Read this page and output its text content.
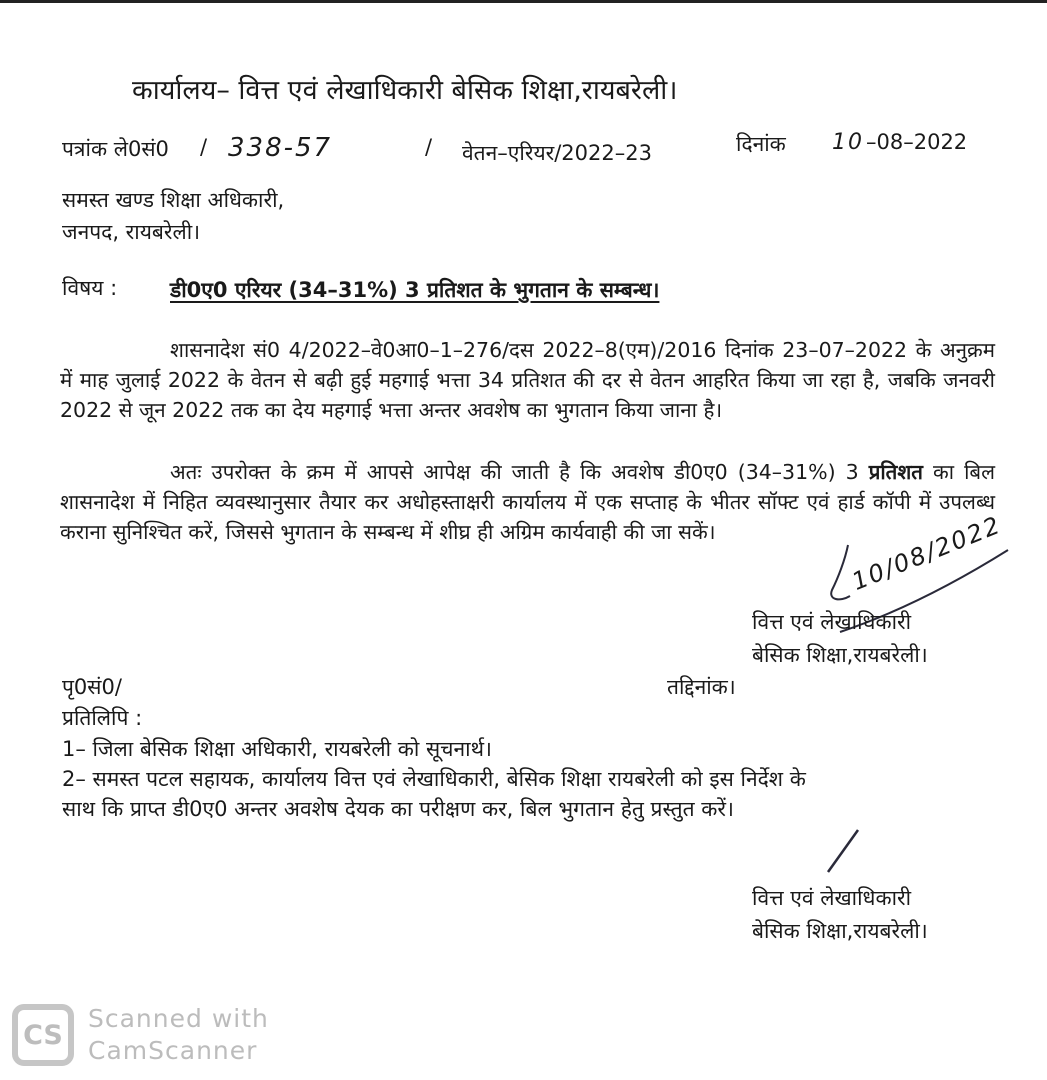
कार्यालय– वित्त एवं लेखाधिकारी बेसिक शिक्षा,रायबरेली।
पत्रांक ले0सं0 / 338-57	/ वेतन–एरियर/2022–23	दिनांक 10 –08–2022
समस्त खण्ड शिक्षा अधिकारी,
जनपद, रायबरेली।
विषय :	डी0ए0 एरियर (34–31%) 3 प्रतिशत के भुगतान के सम्बन्ध।

शासनादेश सं0 4/2022–वे0आ0–1–276/दस 2022–8(एम)/2016 दिनांक 23–07–2022 के अनुक्रम में माह जुलाई 2022 के वेतन से बढ़ी हुई महगाई भत्ता 34 प्रतिशत की दर से वेतन आहरित किया जा रहा है, जबकि जनवरी 2022 से जून 2022 तक का देय महगाई भत्ता अन्तर अवशेष का भुगतान किया जाना है।

अतः उपरोक्त के क्रम में आपसे आपेक्ष की जाती है कि अवशेष डी0ए0 (34–31%) 3 प्रतिशत का बिल शासनादेश में निहित व्यवस्थानुसार तैयार कर अधोहस्ताक्षरी कार्यालय में एक सप्ताह के भीतर सॉफ्ट एवं हार्ड कॉपी में उपलब्ध कराना सुनिश्चित करें, जिससे भुगतान के सम्बन्ध में शीघ्र ही अग्रिम कार्यवाही की जा सकें।	10/08/2022
वित्त एवं लेखाधिकारी
बेसिक शिक्षा,रायबरेली।
पृ0सं0/	तद्दिनांक।
प्रतिलिपि :
1– जिला बेसिक शिक्षा अधिकारी, रायबरेली को सूचनार्थ।
2– समस्त पटल सहायक, कार्यालय वित्त एवं लेखाधिकारी, बेसिक शिक्षा रायबरेली को इस निर्देश के
साथ कि प्राप्त डी0ए0 अन्तर अवशेष देयक का परीक्षण कर, बिल भुगतान हेतु प्रस्तुत करें।
वित्त एवं लेखाधिकारी
बेसिक शिक्षा,रायबरेली।
CS
Scanned with
CamScanner
